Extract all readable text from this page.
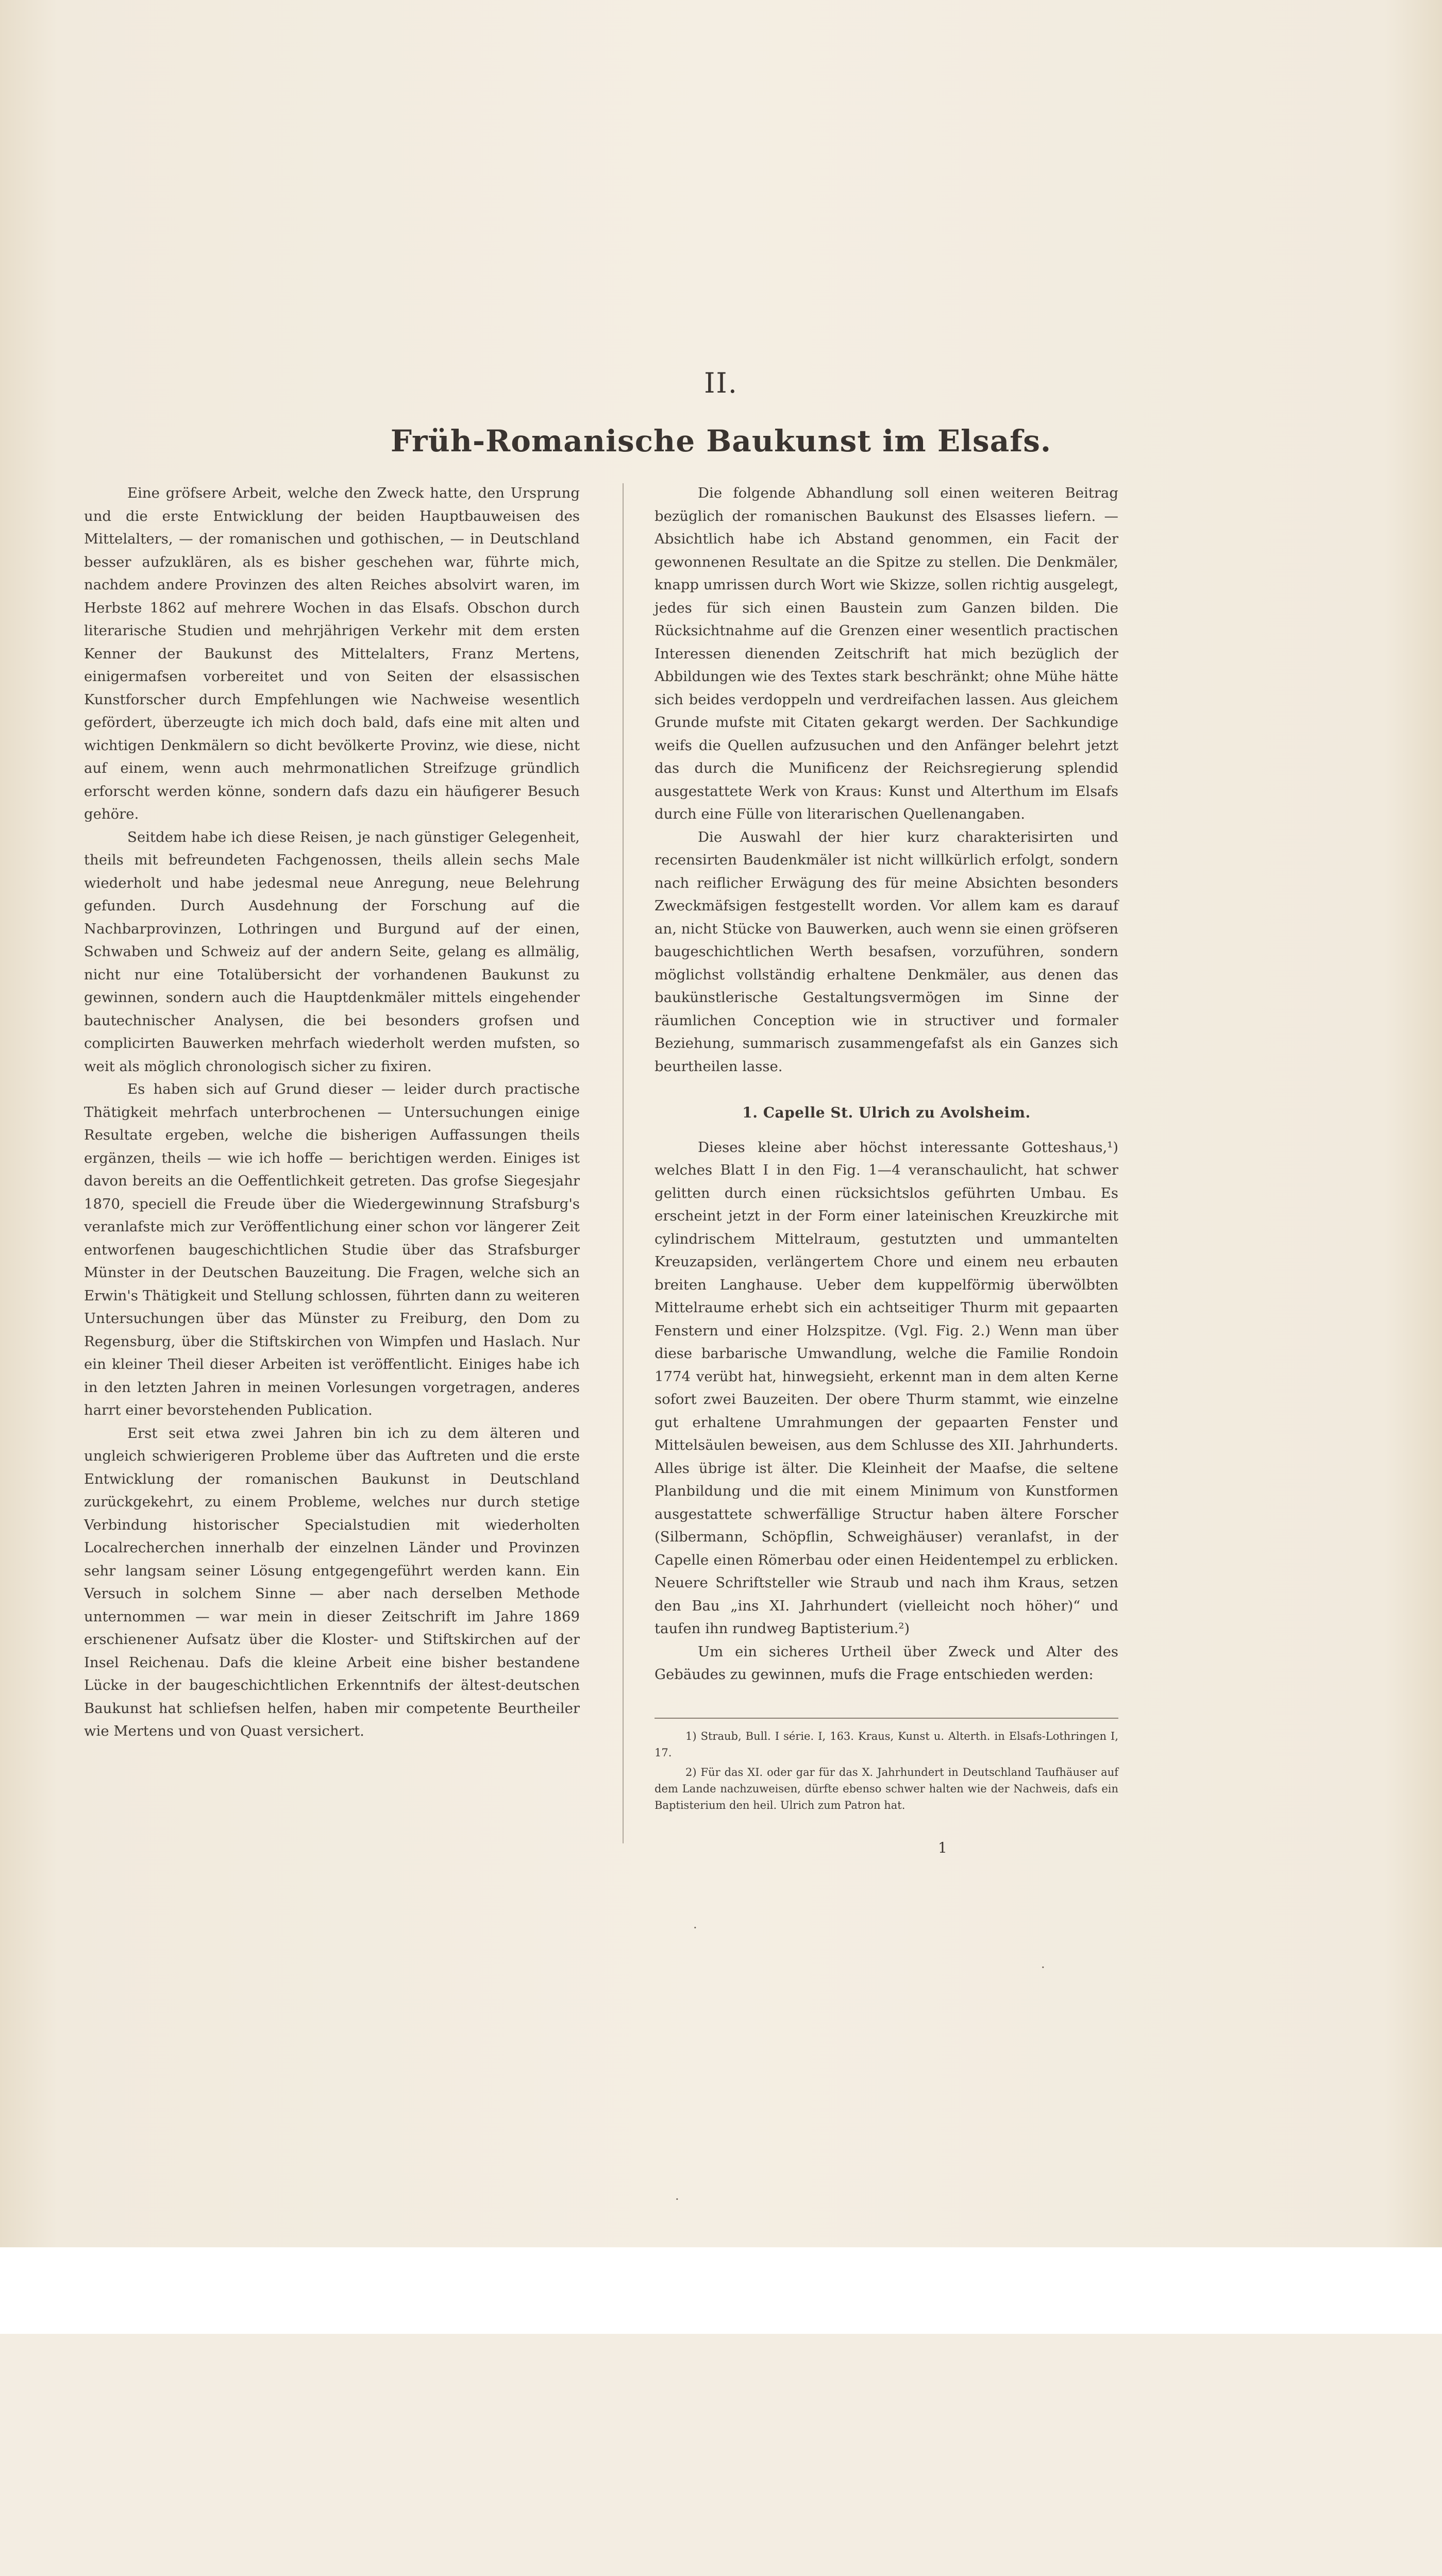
II.
Früh-Romanische Baukunst im Elsafs.

Eine gröfsere Arbeit, welche den Zweck hatte, den Ursprung und die erste Entwicklung der beiden Hauptbauweisen des Mittelalters, — der romanischen und gothischen, — in Deutschland besser aufzuklären, als es bisher geschehen war, führte mich, nachdem andere Provinzen des alten Reiches absolvirt waren, im Herbste 1862 auf mehrere Wochen in das Elsafs. Obschon durch literarische Studien und mehrjährigen Verkehr mit dem ersten Kenner der Baukunst des Mittelalters, Franz Mertens, einigermafsen vorbereitet und von Seiten der elsassischen Kunstforscher durch Empfehlungen wie Nachweise wesentlich gefördert, überzeugte ich mich doch bald, dafs eine mit alten und wichtigen Denkmälern so dicht bevölkerte Provinz, wie diese, nicht auf einem, wenn auch mehrmonatlichen Streifzuge gründlich erforscht werden könne, sondern dafs dazu ein häufigerer Besuch gehöre.

Seitdem habe ich diese Reisen, je nach günstiger Gelegenheit, theils mit befreundeten Fachgenossen, theils allein sechs Male wiederholt und habe jedesmal neue Anregung, neue Belehrung gefunden. Durch Ausdehnung der Forschung auf die Nachbarprovinzen, Lothringen und Burgund auf der einen, Schwaben und Schweiz auf der andern Seite, gelang es allmälig, nicht nur eine Totalübersicht der vorhandenen Baukunst zu gewinnen, sondern auch die Hauptdenkmäler mittels eingehender bautechnischer Analysen, die bei besonders grofsen und complicirten Bauwerken mehrfach wiederholt werden mufsten, so weit als möglich chronologisch sicher zu fixiren.

Es haben sich auf Grund dieser — leider durch practische Thätigkeit mehrfach unterbrochenen — Untersuchungen einige Resultate ergeben, welche die bisherigen Auffassungen theils ergänzen, theils — wie ich hoffe — berichtigen werden. Einiges ist davon bereits an die Oeffentlichkeit getreten. Das grofse Siegesjahr 1870, speciell die Freude über die Wiedergewinnung Strafsburg's veranlafste mich zur Veröffentlichung einer schon vor längerer Zeit entworfenen baugeschichtlichen Studie über das Strafsburger Münster in der Deutschen Bauzeitung. Die Fragen, welche sich an Erwin's Thätigkeit und Stellung schlossen, führten dann zu weiteren Untersuchungen über das Münster zu Freiburg, den Dom zu Regensburg, über die Stiftskirchen von Wimpfen und Haslach. Nur ein kleiner Theil dieser Arbeiten ist veröffentlicht. Einiges habe ich in den letzten Jahren in meinen Vorlesungen vorgetragen, anderes harrt einer bevorstehenden Publication.

Erst seit etwa zwei Jahren bin ich zu dem älteren und ungleich schwierigeren Probleme über das Auftreten und die erste Entwicklung der romanischen Baukunst in Deutschland zurückgekehrt, zu einem Probleme, welches nur durch stetige Verbindung historischer Specialstudien mit wiederholten Localrecherchen innerhalb der einzelnen Länder und Provinzen sehr langsam seiner Lösung entgegengeführt werden kann. Ein Versuch in solchem Sinne — aber nach derselben Methode unternommen — war mein in dieser Zeitschrift im Jahre 1869 erschienener Aufsatz über die Kloster- und Stiftskirchen auf der Insel Reichenau. Dafs die kleine Arbeit eine bisher bestandene Lücke in der baugeschichtlichen Erkenntnifs der ältest-deutschen Baukunst hat schliefsen helfen, haben mir competente Beurtheiler wie Mertens und von Quast versichert.

Die folgende Abhandlung soll einen weiteren Beitrag bezüglich der romanischen Baukunst des Elsasses liefern. — Absichtlich habe ich Abstand genommen, ein Facit der gewonnenen Resultate an die Spitze zu stellen. Die Denkmäler, knapp umrissen durch Wort wie Skizze, sollen richtig ausgelegt, jedes für sich einen Baustein zum Ganzen bilden. Die Rücksichtnahme auf die Grenzen einer wesentlich practischen Interessen dienenden Zeitschrift hat mich bezüglich der Abbildungen wie des Textes stark beschränkt; ohne Mühe hätte sich beides verdoppeln und verdreifachen lassen. Aus gleichem Grunde mufste mit Citaten gekargt werden. Der Sachkundige weifs die Quellen aufzusuchen und den Anfänger belehrt jetzt das durch die Munificenz der Reichsregierung splendid ausgestattete Werk von Kraus: Kunst und Alterthum im Elsafs durch eine Fülle von literarischen Quellenangaben.

Die Auswahl der hier kurz charakterisirten und recensirten Baudenkmäler ist nicht willkürlich erfolgt, sondern nach reiflicher Erwägung des für meine Absichten besonders Zweckmäfsigen festgestellt worden. Vor allem kam es darauf an, nicht Stücke von Bauwerken, auch wenn sie einen gröfseren baugeschichtlichen Werth besafsen, vorzuführen, sondern möglichst vollständig erhaltene Denkmäler, aus denen das baukünstlerische Gestaltungsvermögen im Sinne der räumlichen Conception wie in structiver und formaler Beziehung, summarisch zusammengefafst als ein Ganzes sich beurtheilen lasse.

1. Capelle St. Ulrich zu Avolsheim.

Dieses kleine aber höchst interessante Gotteshaus,¹) welches Blatt I in den Fig. 1—4 veranschaulicht, hat schwer gelitten durch einen rücksichtslos geführten Umbau. Es erscheint jetzt in der Form einer lateinischen Kreuzkirche mit cylindrischem Mittelraum, gestutzten und ummantelten Kreuzapsiden, verlängertem Chore und einem neu erbauten breiten Langhause. Ueber dem kuppelförmig überwölbten Mittelraume erhebt sich ein achtseitiger Thurm mit gepaarten Fenstern und einer Holzspitze. (Vgl. Fig. 2.) Wenn man über diese barbarische Umwandlung, welche die Familie Rondoin 1774 verübt hat, hinwegsieht, erkennt man in dem alten Kerne sofort zwei Bauzeiten. Der obere Thurm stammt, wie einzelne gut erhaltene Umrahmungen der gepaarten Fenster und Mittelsäulen beweisen, aus dem Schlusse des XII. Jahrhunderts. Alles übrige ist älter. Die Kleinheit der Maafse, die seltene Planbildung und die mit einem Minimum von Kunstformen ausgestattete schwerfällige Structur haben ältere Forscher (Silbermann, Schöpflin, Schweighäuser) veranlafst, in der Capelle einen Römerbau oder einen Heidentempel zu erblicken. Neuere Schriftsteller wie Straub und nach ihm Kraus, setzen den Bau „ins XI. Jahrhundert (vielleicht noch höher)“ und taufen ihn rundweg Baptisterium.²)

Um ein sicheres Urtheil über Zweck und Alter des Gebäudes zu gewinnen, mufs die Frage entschieden werden:

1) Straub, Bull. I série. I, 163. Kraus, Kunst u. Alterth. in Elsafs-Lothringen I, 17.

2) Für das XI. oder gar für das X. Jahrhundert in Deutschland Taufhäuser auf dem Lande nachzuweisen, dürfte ebenso schwer halten wie der Nachweis, dafs ein Baptisterium den heil. Ulrich zum Patron hat.

1
·
·
·
